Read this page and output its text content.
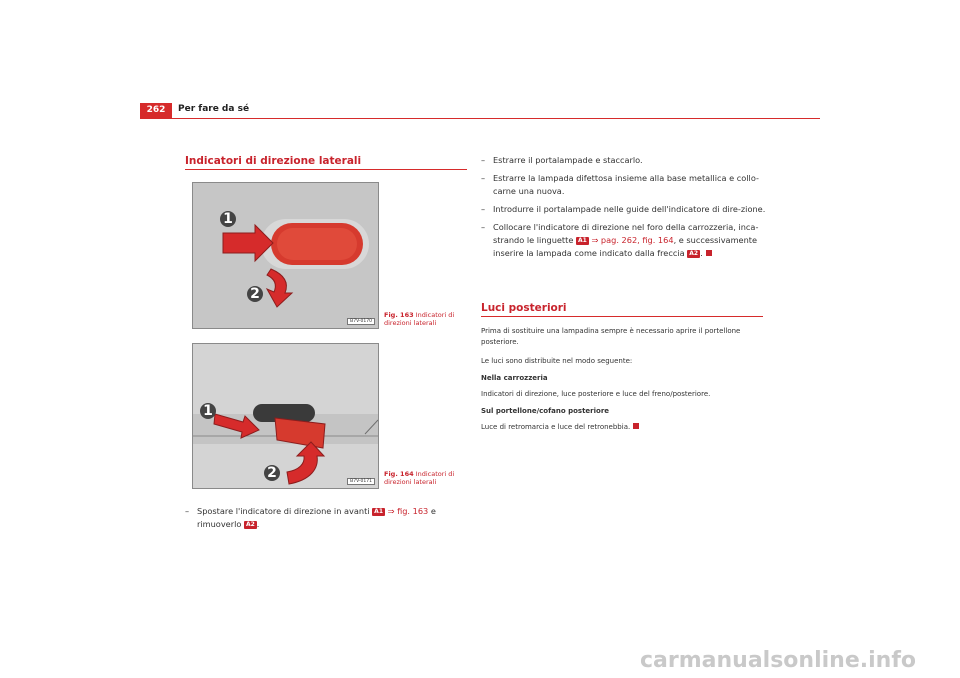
262	Per fare da sé
Indicatori di direzione laterali
1
2
B7V-0170
Fig. 163 Indicatori di direzioni laterali
1
2
B7V-0171
Fig. 164 Indicatori di direzioni laterali
– Spostare l'indicatore di direzione in avanti A1 ⇒ fig. 163 e rimuoverlo A2 .
– Estrarre il portalampade e staccarlo.
– Estrarre la lampada difettosa insieme alla base metallica e collo-carne una nuova.
– Introdurre il portalampade nelle guide dell'indicatore di dire-zione.
– Collocare l'indicatore di direzione nel foro della carrozzeria, inca-strando le linguette A1 ⇒ pag. 262, fig. 164, e successivamente inserire la lampada come indicato dalla freccia A2 .
Luci posteriori
Prima di sostituire una lampadina sempre è necessario aprire il portellone posteriore.
Le luci sono distribuite nel modo seguente:
Nella carrozzeria
Indicatori di direzione, luce posteriore e luce del freno/posteriore.
Sul portellone/cofano posteriore
Luce di retromarcia e luce del retronebbia.
carmanualsonline.info
